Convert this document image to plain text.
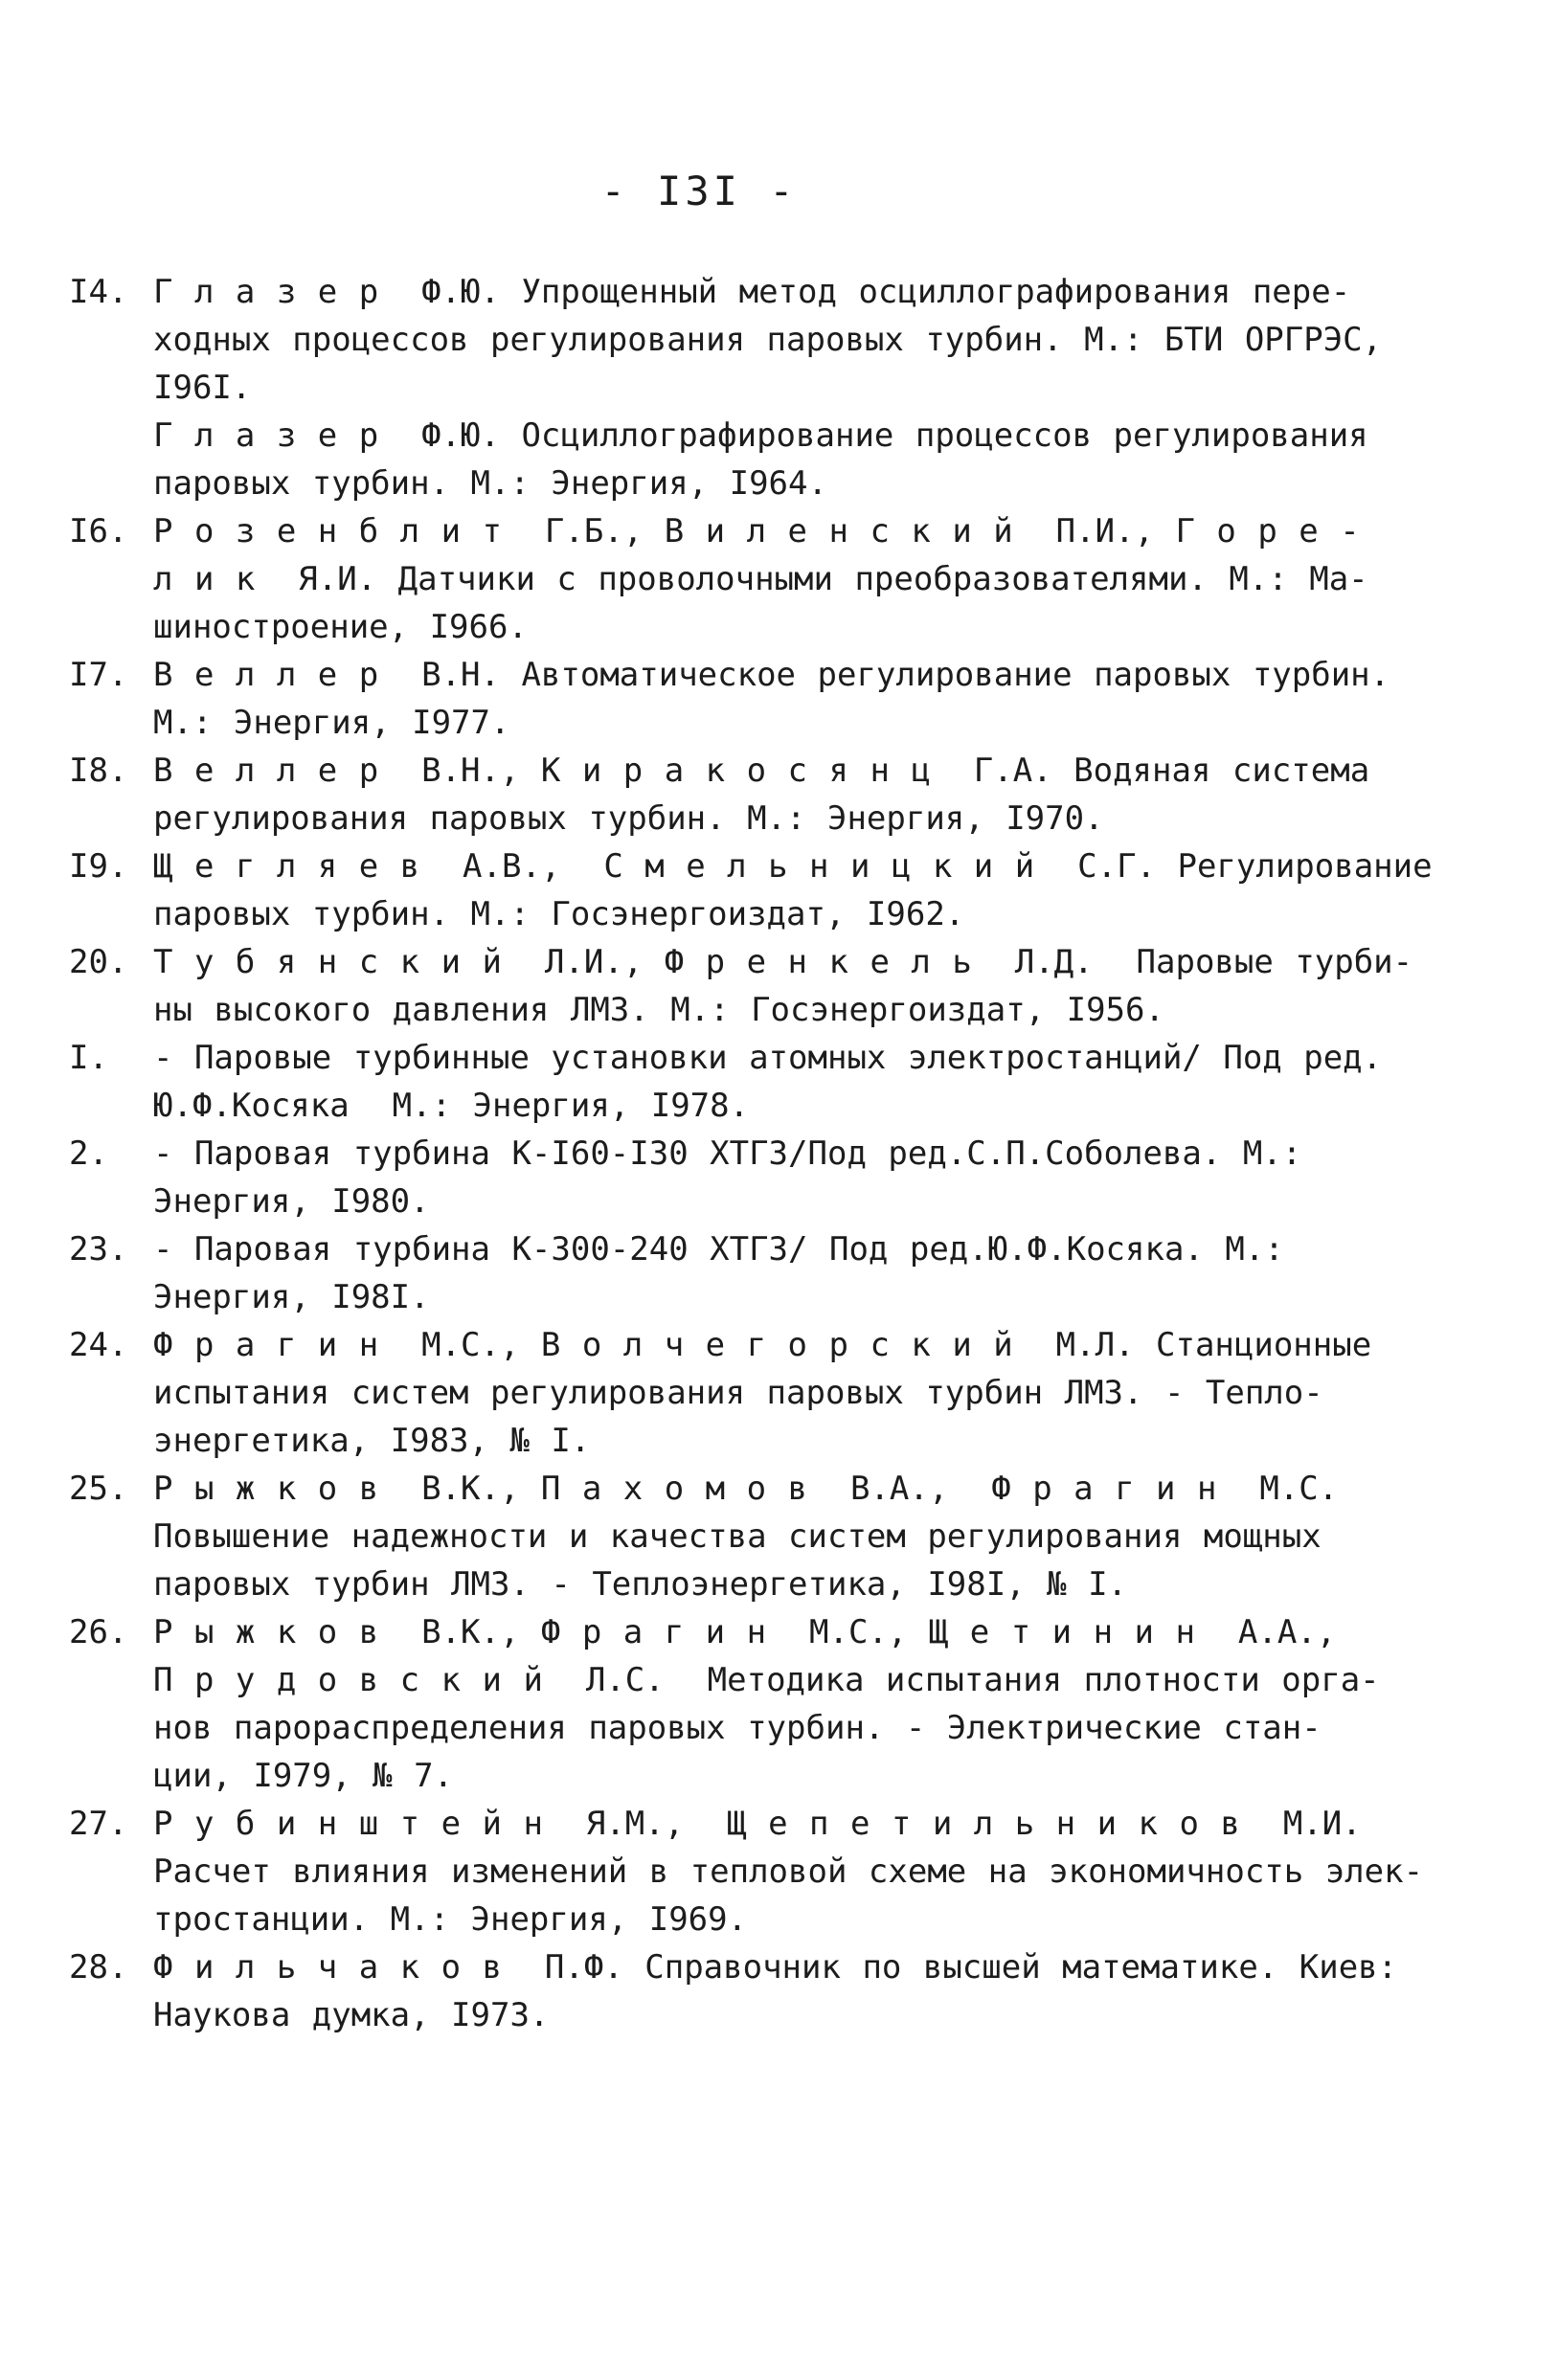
- I3I -
I4. Г л а з е р  Ф.Ю. Упрощенный метод осциллографирования пере-
ходных процессов регулирования паровых турбин. М.: БТИ ОРГРЭС,
I96I.
Г л а з е р  Ф.Ю. Осциллографирование процессов регулирования
паровых турбин. М.: Энергия, I964.
I6. Р о з е н б л и т  Г.Б., В и л е н с к и й  П.И., Г о р е -
л и к  Я.И. Датчики с проволочными преобразователями. М.: Ма-
шиностроение, I966.
I7. В е л л е р  В.Н. Автоматическое регулирование паровых турбин.
М.: Энергия, I977.
I8. В е л л е р  В.Н., К и р а к о с я н ц  Г.А. Водяная система
регулирования паровых турбин. М.: Энергия, I970.
I9. Щ е г л я е в  А.В.,  С м е л ь н и ц к и й  С.Г. Регулирование
паровых турбин. М.: Госэнергоиздат, I962.
20. Т у б я н с к и й  Л.И., Ф р е н к е л ь  Л.Д.  Паровые турби-
ны высокого давления ЛМЗ. М.: Госэнергоиздат, I956.
I.	- Паровые турбинные установки атомных электростанций/ Под ред.
Ю.Ф.Косяка  М.: Энергия, I978.
2.	- Паровая турбина К-I60-I30 ХТГЗ/Под ред.С.П.Соболева. М.:
Энергия, I980.
23. - Паровая турбина К-300-240 ХТГЗ/ Под ред.Ю.Ф.Косяка. М.:
Энергия, I98I.
24. Ф р а г и н  М.С., В о л ч е г о р с к и й  М.Л. Станционные
испытания систем регулирования паровых турбин ЛМЗ. - Тепло-
энергетика, I983, № I.
25. Р ы ж к о в  В.К., П а х о м о в  В.А.,  Ф р а г и н  М.С.
Повышение надежности и качества систем регулирования мощных
паровых турбин ЛМЗ. - Теплоэнергетика, I98I, № I.
26. Р ы ж к о в  В.К., Ф р а г и н  М.С., Щ е т и н и н  А.А.,
П р у д о в с к и й  Л.С.  Методика испытания плотности орга-
нов парораспределения паровых турбин. - Электрические стан-
ции, I979, № 7.
27. Р у б и н ш т е й н  Я.М.,  Щ е п е т и л ь н и к о в  М.И.
Расчет влияния изменений в тепловой схеме на экономичность элек-
тростанции. М.: Энергия, I969.
28. Ф и л ь ч а к о в  П.Ф. Справочник по высшей математике. Киев:
Наукова думка, I973.
